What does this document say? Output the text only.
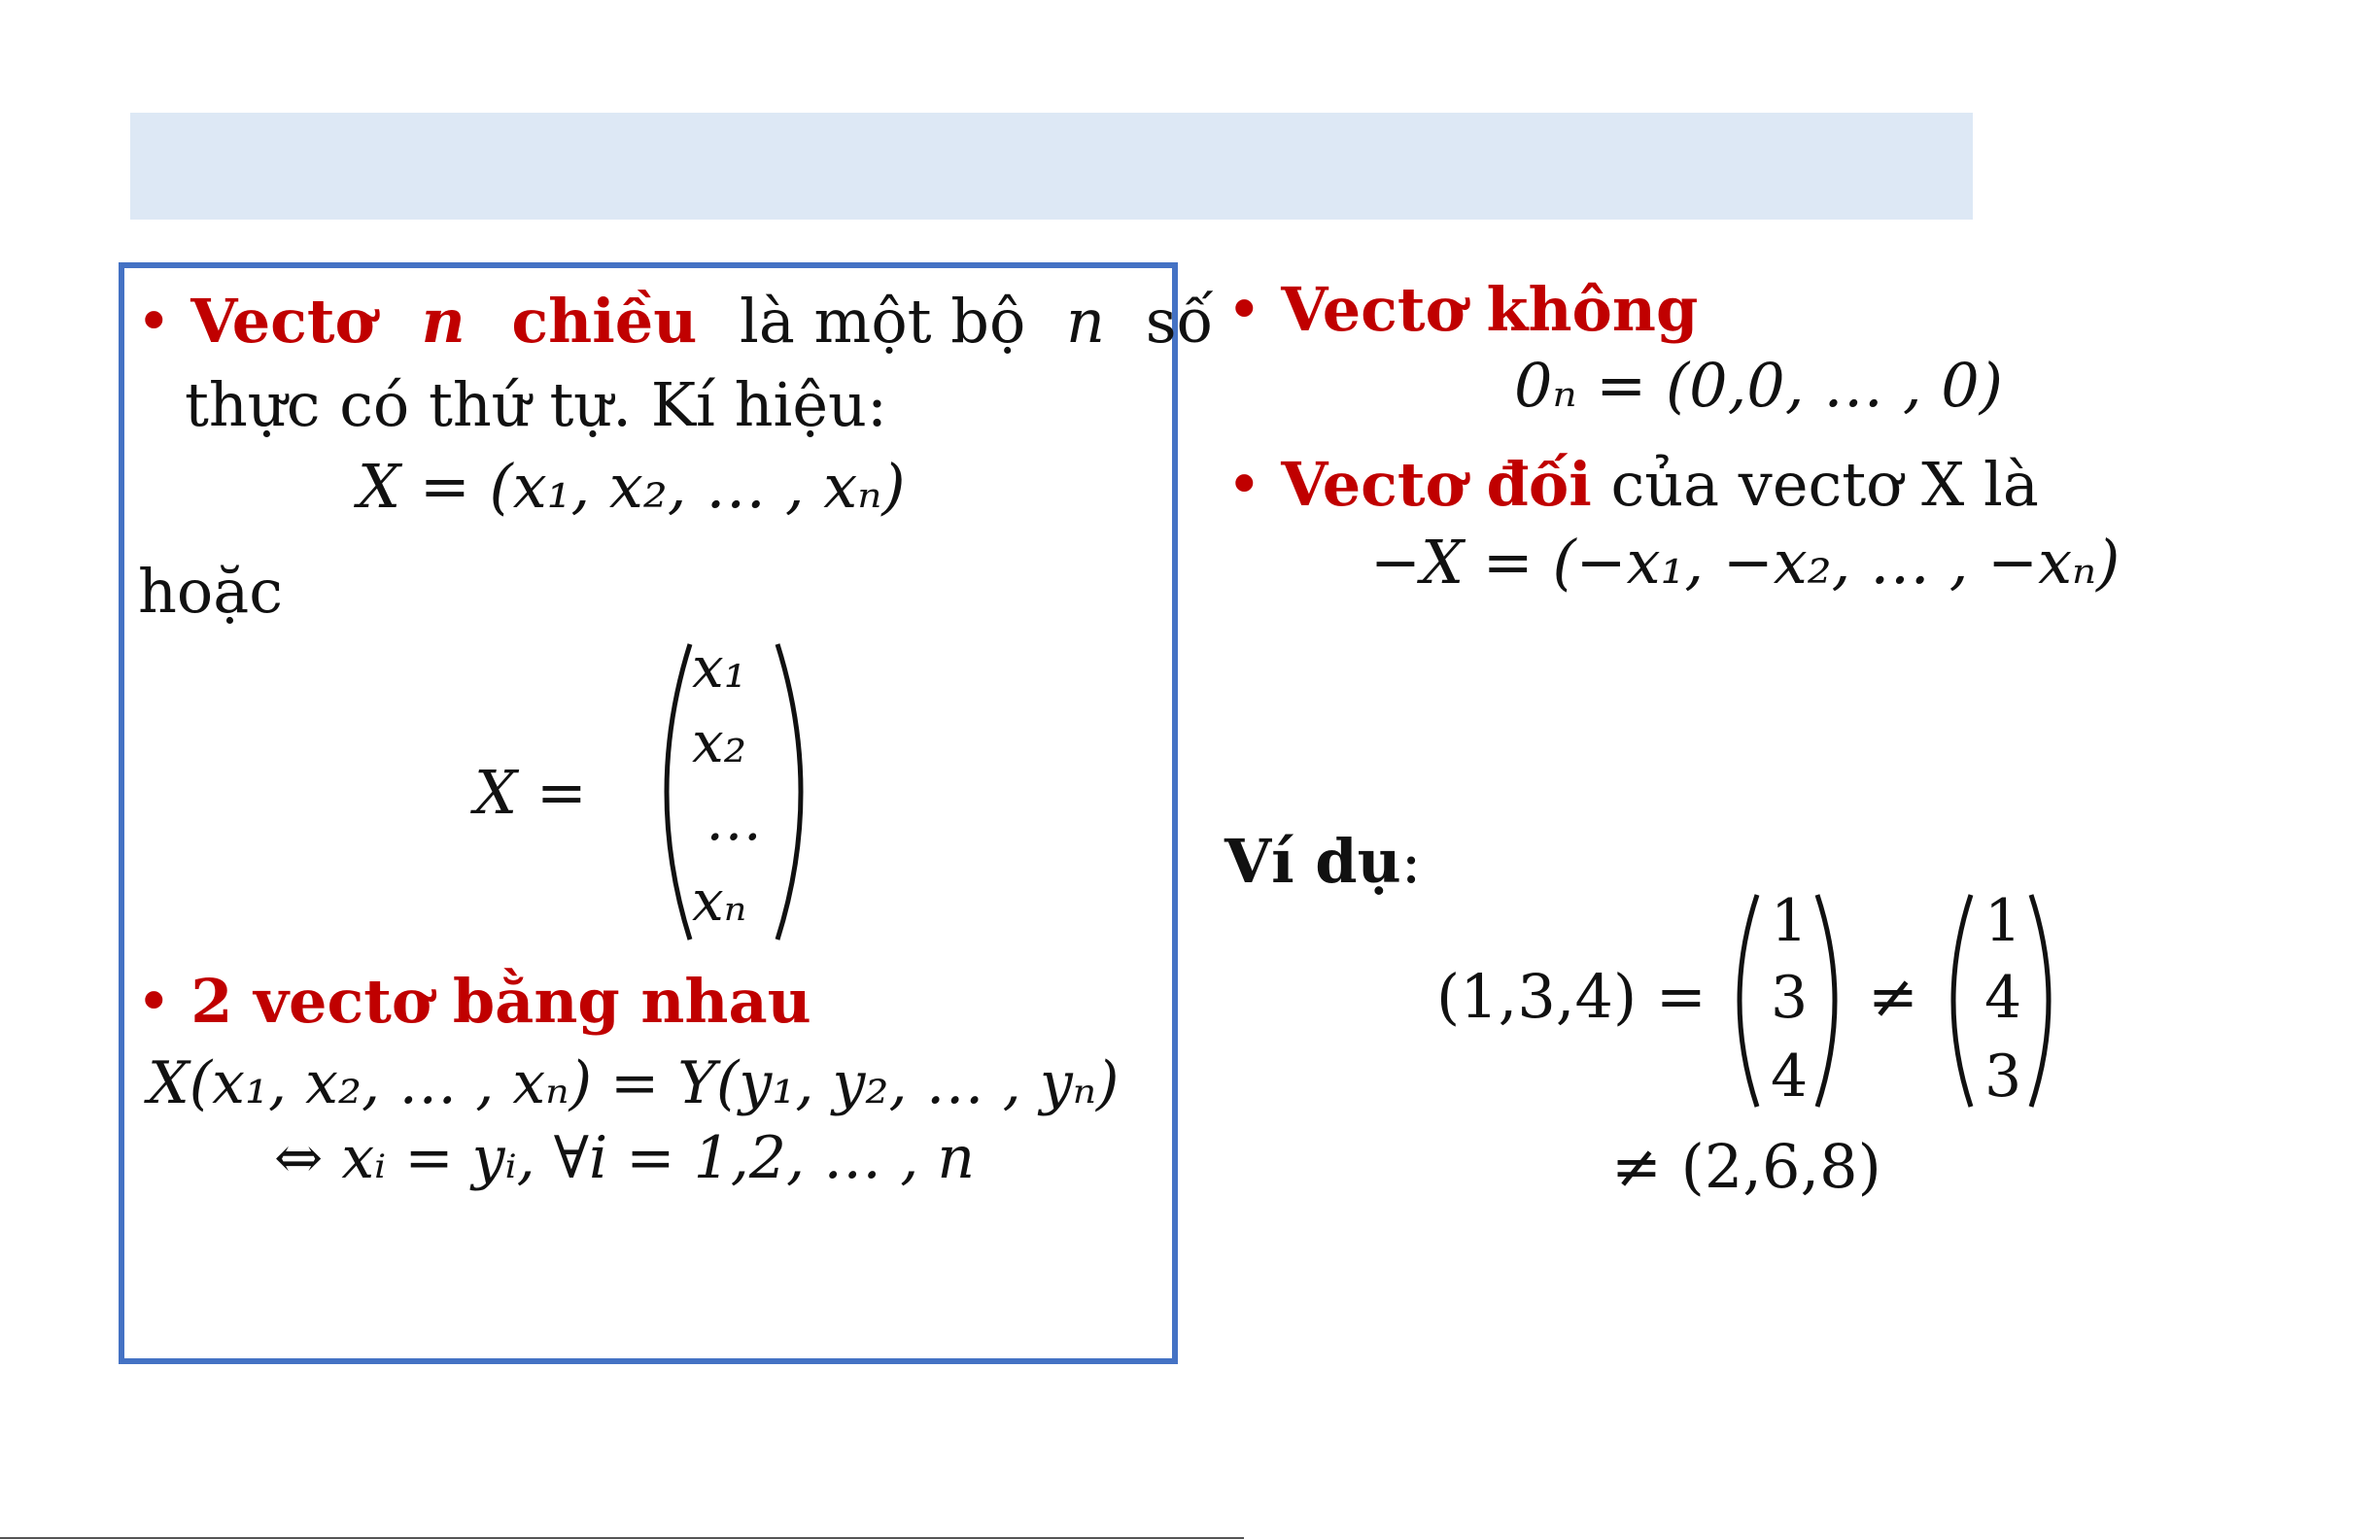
• Vectơ n chiều là một bộ n số
thực có thứ tự. Kí hiệu:
X = (x₁, x₂, … , xₙ)
hoặc
X =
x₁
x₂
…
xₙ
• 2 vectơ bằng nhau
X(x₁, x₂, … , xₙ) = Y(y₁, y₂, … , yₙ)
⇔ xᵢ = yᵢ, ∀i = 1,2, … , n
• Vectơ không
0ₙ = (0,0, … , 0)
• Vectơ đối của vectơ X là
−X = (−x₁, −x₂, … , −xₙ)
Ví dụ:
(1,3,4) =
1
3
4
≠
1
4
3
≠ (2,6,8)
